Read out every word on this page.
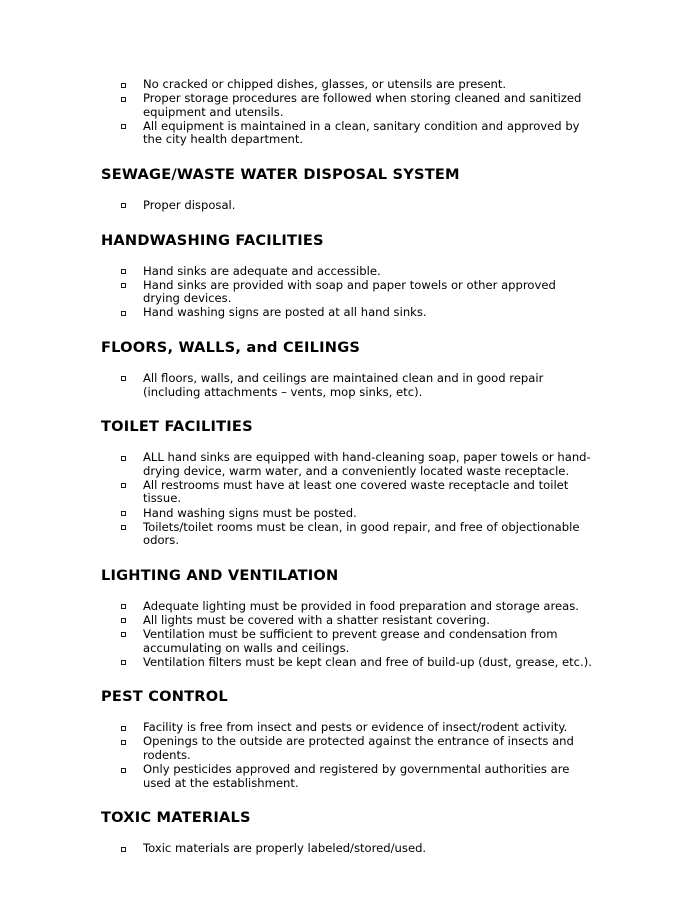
No cracked or chipped dishes, glasses, or utensils are present.
Proper storage procedures are followed when storing cleaned and sanitized equipment and utensils.
All equipment is maintained in a clean, sanitary condition and approved by the city health department.
SEWAGE/WASTE WATER DISPOSAL SYSTEM
Proper disposal.
HANDWASHING FACILITIES
Hand sinks are adequate and accessible.
Hand sinks are provided with soap and paper towels or other approved drying devices.
Hand washing signs are posted at all hand sinks.
FLOORS, WALLS, and CEILINGS
All floors, walls, and ceilings are maintained clean and in good repair (including attachments – vents, mop sinks, etc).
TOILET FACILITIES
ALL hand sinks are equipped with hand-cleaning soap, paper towels or hand-drying device, warm water, and a conveniently located waste receptacle.
All restrooms must have at least one covered waste receptacle and toilet tissue.
Hand washing signs must be posted.
Toilets/toilet rooms must be clean, in good repair, and free of objectionable odors.
LIGHTING AND VENTILATION
Adequate lighting must be provided in food preparation and storage areas.
All lights must be covered with a shatter resistant covering.
Ventilation must be sufficient to prevent grease and condensation from accumulating on walls and ceilings.
Ventilation filters must be kept clean and free of build-up (dust, grease, etc.).
PEST CONTROL
Facility is free from insect and pests or evidence of insect/rodent activity.
Openings to the outside are protected against the entrance of insects and rodents.
Only pesticides approved and registered by governmental authorities are used at the establishment.
TOXIC MATERIALS
Toxic materials are properly labeled/stored/used.
